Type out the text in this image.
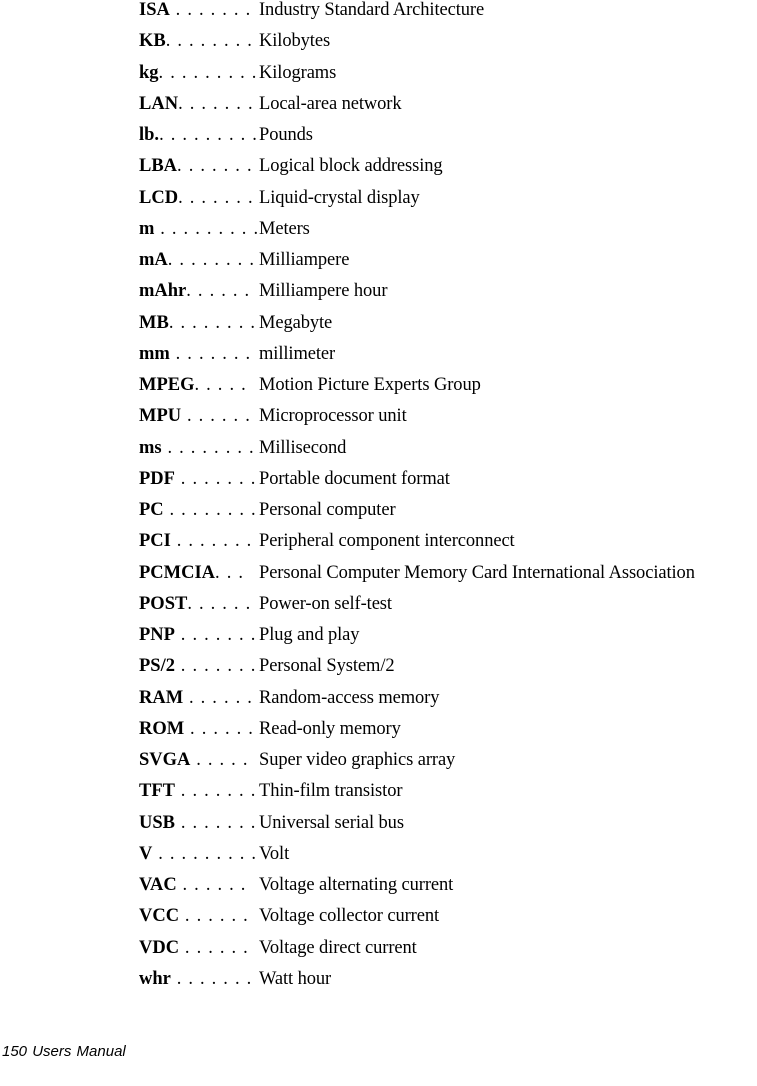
ISA . . . . . . .Industry Standard Architecture
KB. . . . . . . .Kilobytes
kg. . . . . . . . .Kilograms
LAN. . . . . . .Local-area network
lb.. . . . . . . . .Pounds
LBA. . . . . . .Logical block addressing
LCD. . . . . . .Liquid-crystal display
m . . . . . . . . .Meters
mA. . . . . . . .Milliampere
mAhr. . . . . .Milliampere hour
MB. . . . . . . .Megabyte
mm . . . . . . .millimeter
MPEG. . . . .Motion Picture Experts Group
MPU . . . . . .Microprocessor unit
ms . . . . . . . .Millisecond
PDF . . . . . . .Portable document format
PC . . . . . . . .Personal computer
PCI . . . . . . .Peripheral component interconnect
PCMCIA. . .Personal Computer Memory Card International Association
POST. . . . . .Power-on self-test
PNP . . . . . . .Plug and play
PS/2 . . . . . . .Personal System/2
RAM . . . . . .Random-access memory
ROM . . . . . .Read-only memory
SVGA . . . . .Super video graphics array
TFT . . . . . . .Thin-film transistor
USB . . . . . . .Universal serial bus
V . . . . . . . . .Volt
VAC . . . . . .Voltage alternating current
VCC . . . . . .Voltage collector current
VDC . . . . . .Voltage direct current
whr . . . . . . .Watt hour
150 Users Manual
